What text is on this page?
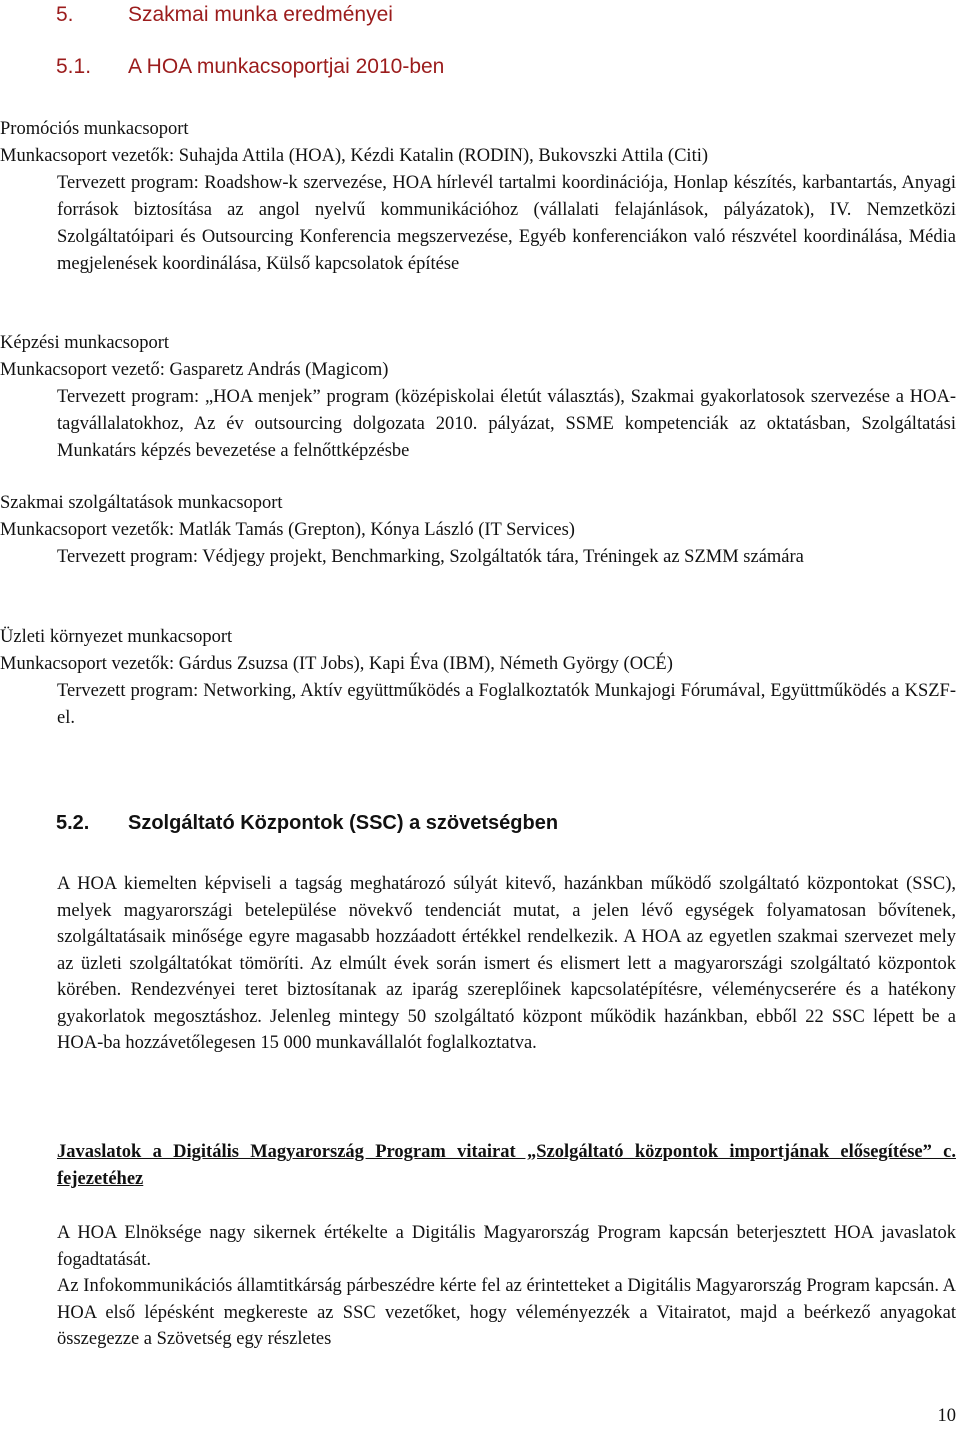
5.	Szakmai munka eredményei
5.1. A HOA munkacsoportjai 2010-ben

Promóciós munkacsoport

Munkacsoport vezetők: Suhajda Attila (HOA), Kézdi Katalin (RODIN), Bukovszki Attila (Citi)

Tervezett program: Roadshow-k szervezése, HOA hírlevél tartalmi koordinációja, Honlap készítés, karbantartás, Anyagi források biztosítása az angol nyelvű kommunikációhoz (vállalati felajánlások, pályázatok), IV. Nemzetközi Szolgáltatóipari és Outsourcing Konferencia megszervezése, Egyéb konferenciákon való részvétel koordinálása, Média megjelenések koordinálása, Külső kapcsolatok építése

Képzési munkacsoport

Munkacsoport vezető: Gasparetz András (Magicom)

Tervezett program: „HOA menjek” program (középiskolai életút választás), Szakmai gyakorlatosok szervezése a HOA-tagvállalatokhoz, Az év outsourcing dolgozata 2010. pályázat, SSME kompetenciák az oktatásban, Szolgáltatási Munkatárs képzés bevezetése a felnőttképzésbe

Szakmai szolgáltatások munkacsoport

Munkacsoport vezetők: Matlák Tamás (Grepton), Kónya László (IT Services)

Tervezett program: Védjegy projekt, Benchmarking, Szolgáltatók tára, Tréningek az SZMM számára

Üzleti környezet munkacsoport

Munkacsoport vezetők: Gárdus Zsuzsa (IT Jobs), Kapi Éva (IBM), Németh György (OCÉ)

Tervezett program: Networking, Aktív együttműködés a Foglalkoztatók Munkajogi Fórumával, Együttműködés a KSZF-el.

5.2. Szolgáltató Központok (SSC) a szövetségben

A HOA kiemelten képviseli a tagság meghatározó súlyát kitevő, hazánkban működő szolgáltató központokat (SSC), melyek magyarországi betelepülése növekvő tendenciát mutat, a jelen lévő egységek folyamatosan bővítenek, szolgáltatásaik minősége egyre magasabb hozzáadott értékkel rendelkezik. A HOA az egyetlen szakmai szervezet mely az üzleti szolgáltatókat tömöríti. Az elmúlt évek során ismert és elismert lett a magyarországi szolgáltató központok körében. Rendezvényei teret biztosítanak az iparág szereplőinek kapcsolatépítésre, véleménycserére és a hatékony gyakorlatok megosztáshoz. Jelenleg mintegy 50 szolgáltató központ működik hazánkban, ebből 22 SSC lépett be a HOA-ba hozzávetőlegesen 15 000 munkavállalót foglalkoztatva.

Javaslatok a Digitális Magyarország Program vitairat „Szolgáltató központok importjának elősegítése” c. fejezetéhez

A HOA Elnöksége nagy sikernek értékelte a Digitális Magyarország Program kapcsán beterjesztett HOA javaslatok fogadtatását.

Az Infokommunikációs államtitkárság párbeszédre kérte fel az érintetteket a Digitális Magyarország Program kapcsán. A HOA első lépésként megkereste az SSC vezetőket, hogy véleményezzék a Vitairatot, majd a beérkező anyagokat összegezze a Szövetség egy részletes

10
